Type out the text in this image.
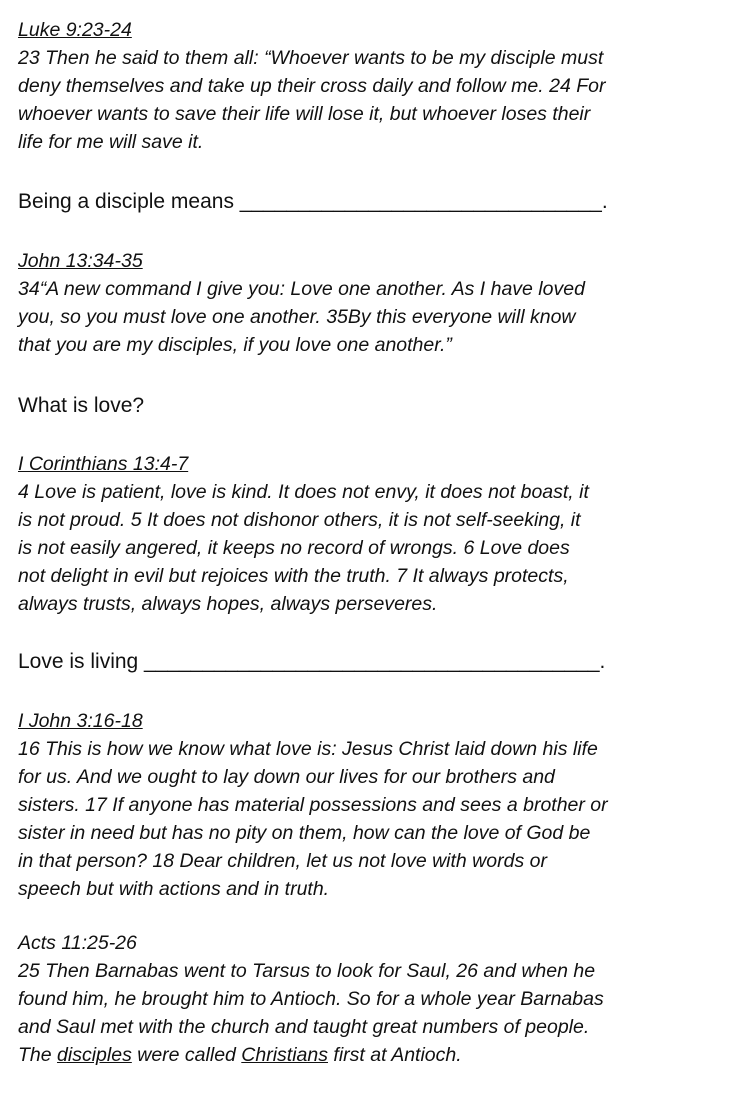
Luke 9:23-24
23 Then he said to them all: “Whoever wants to be my disciple must
deny themselves and take up their cross daily and follow me. 24 For
whoever wants to save their life will lose it, but whoever loses their
life for me will save it.
Being a disciple means _______________________________.
John 13:34-35
34“A new command I give you: Love one another. As I have loved
you, so you must love one another. 35By this everyone will know
that you are my disciples, if you love one another.”
What is love?
I Corinthians 13:4-7
4 Love is patient, love is kind. It does not envy, it does not boast, it
is not proud. 5 It does not dishonor others, it is not self-seeking, it
is not easily angered, it keeps no record of wrongs. 6 Love does
not delight in evil but rejoices with the truth. 7 It always protects,
always trusts, always hopes, always perseveres.
Love is living _______________________________________.
I John 3:16-18
16 This is how we know what love is: Jesus Christ laid down his life
for us. And we ought to lay down our lives for our brothers and
sisters. 17 If anyone has material possessions and sees a brother or
sister in need but has no pity on them, how can the love of God be
in that person? 18 Dear children, let us not love with words or
speech but with actions and in truth.
Acts 11:25-26
25 Then Barnabas went to Tarsus to look for Saul, 26 and when he
found him, he brought him to Antioch. So for a whole year Barnabas
and Saul met with the church and taught great numbers of people.
The disciples were called Christians first at Antioch.
